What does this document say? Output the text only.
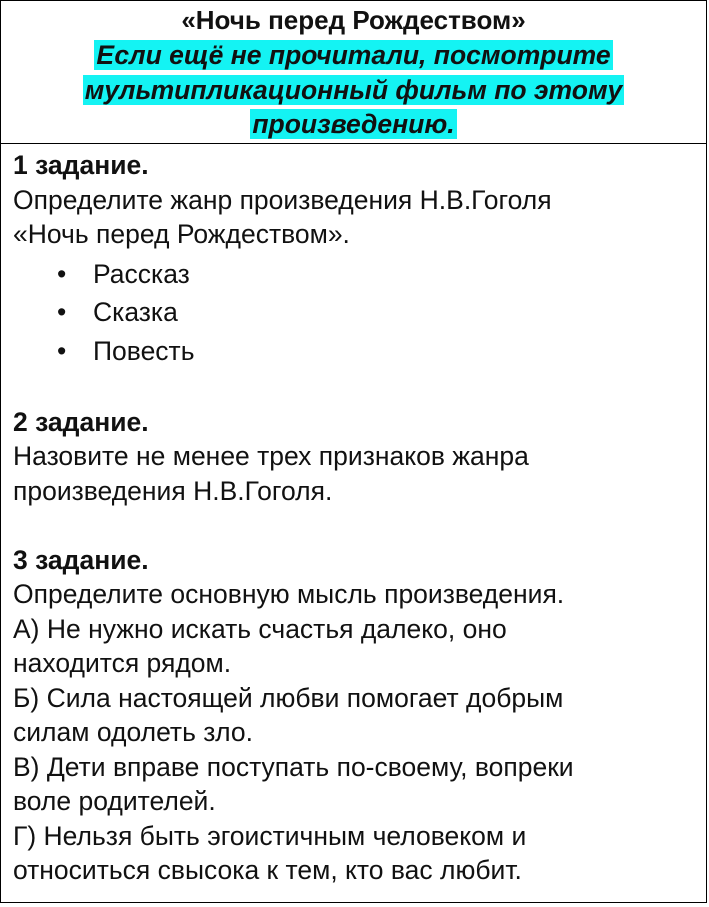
«Ночь перед Рождеством»
Если ещё не прочитали, посмотрите
мультипликационный фильм по этому
произведению.
1 задание.
Определите жанр произведения Н.В.Гоголя
«Ночь перед Рождеством».
• Рассказ
• Сказка
• Повесть
2 задание.
Назовите не менее трех признаков жанра
произведения Н.В.Гоголя.
3 задание.
Определите основную мысль произведения.
А) Не нужно искать счастья далеко, оно
находится рядом.
Б) Сила настоящей любви помогает добрым
силам одолеть зло.
В) Дети вправе поступать по-своему, вопреки
воле родителей.
Г) Нельзя быть эгоистичным человеком и
относиться свысока к тем, кто вас любит.
